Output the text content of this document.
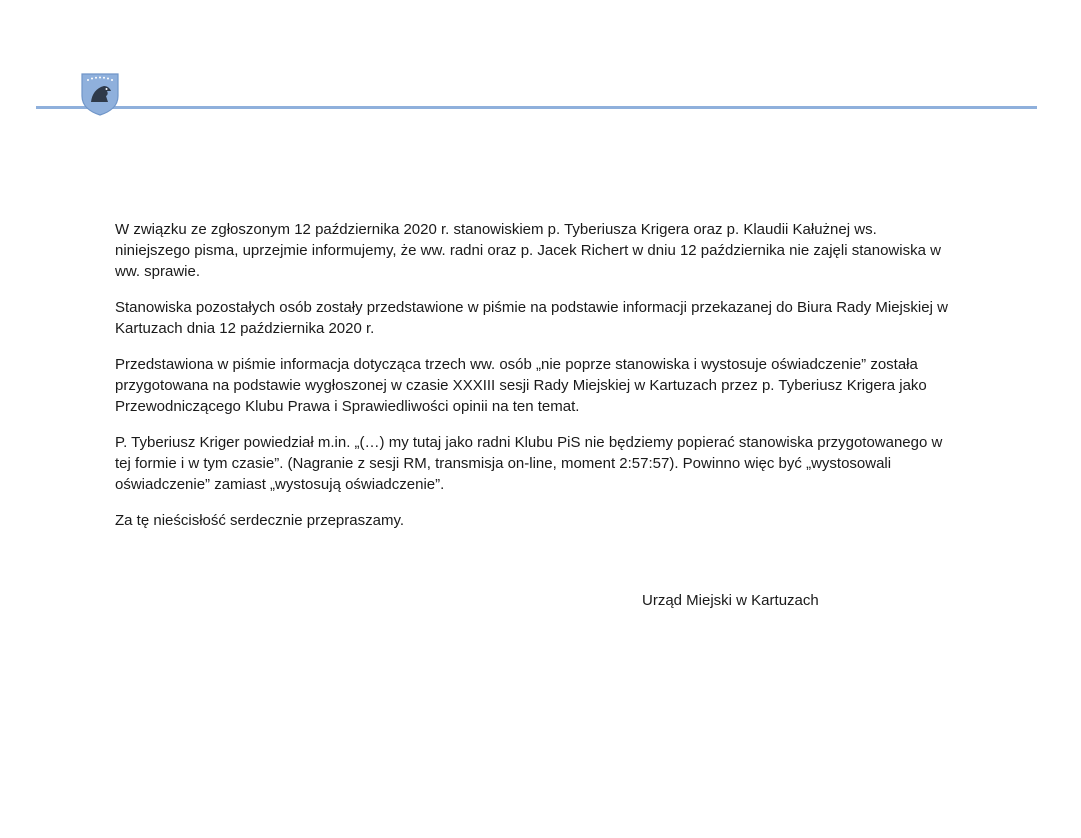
W związku ze zgłoszonym 12 października 2020 r. stanowiskiem p. Tyberiusza Krigera oraz p. Klaudii Kałużnej ws. niniejszego pisma, uprzejmie informujemy, że ww. radni oraz p. Jacek Richert w dniu 12 października nie zajęli stanowiska w ww. sprawie.

Stanowiska pozostałych osób zostały przedstawione w piśmie na podstawie informacji przekazanej do Biura Rady Miejskiej w Kartuzach dnia 12 października 2020 r.

Przedstawiona w piśmie informacja dotycząca trzech ww. osób „nie poprze stanowiska i wystosuje oświadczenie” została przygotowana na podstawie wygłoszonej w czasie XXXIII sesji Rady Miejskiej w Kartuzach przez p. Tyberiusz Krigera jako Przewodniczącego Klubu Prawa i Sprawiedliwości opinii na ten temat.

P. Tyberiusz Kriger powiedział m.in. „(…) my tutaj jako radni Klubu PiS nie będziemy popierać stanowiska przygotowanego w tej formie i w tym czasie”. (Nagranie z sesji RM, transmisja on-line, moment 2:57:57). Powinno więc być „wystosowali oświadczenie” zamiast „wystosują oświadczenie”.

Za tę nieścisłość serdecznie przepraszamy.

Urząd Miejski w Kartuzach
